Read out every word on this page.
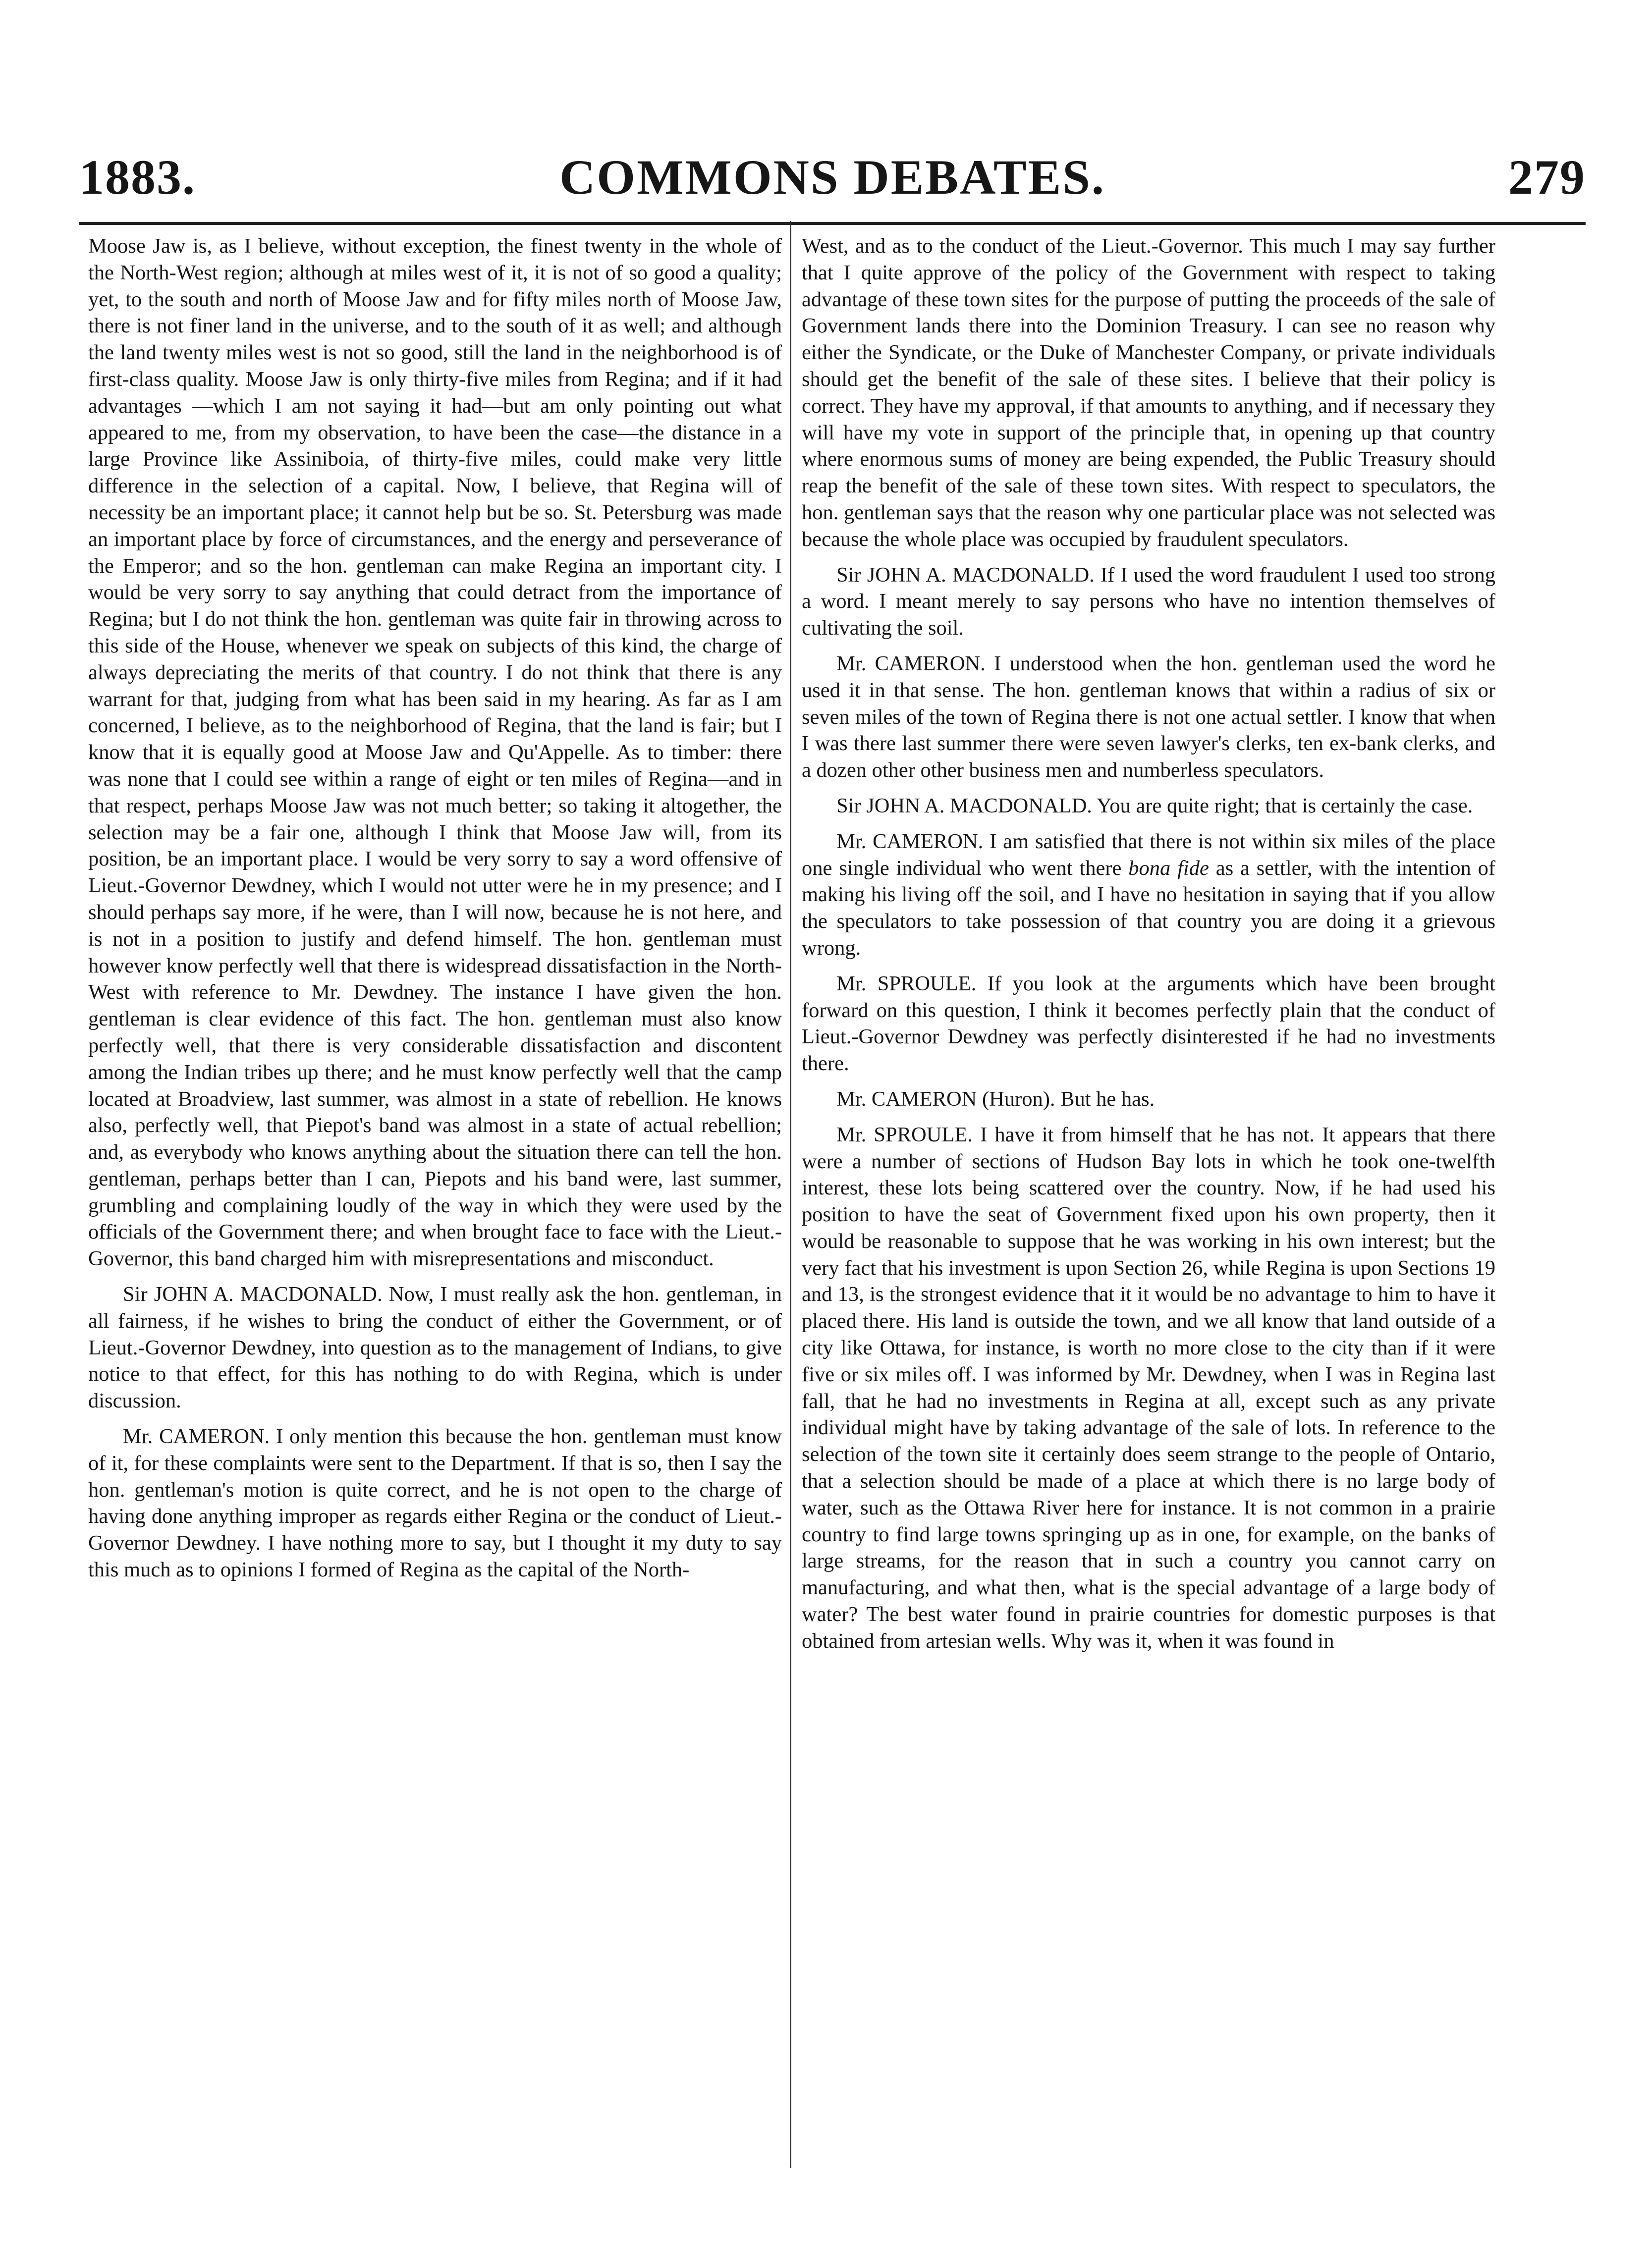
1883.	COMMONS DEBATES.	279

Moose Jaw is, as I believe, without exception, the finest twenty in the whole of the North-West region; although at miles west of it, it is not of so good a quality; yet, to the south and north of Moose Jaw and for fifty miles north of Moose Jaw, there is not finer land in the universe, and to the south of it as well; and although the land twenty miles west is not so good, still the land in the neighborhood is of first-class quality. Moose Jaw is only thirty-five miles from Regina; and if it had advantages —which I am not saying it had—but am only pointing out what appeared to me, from my observation, to have been the case—the distance in a large Province like Assiniboia, of thirty-five miles, could make very little difference in the selection of a capital. Now, I believe, that Regina will of necessity be an important place; it cannot help but be so. St. Petersburg was made an important place by force of circumstances, and the energy and perseverance of the Emperor; and so the hon. gentleman can make Regina an important city. I would be very sorry to say anything that could detract from the importance of Regina; but I do not think the hon. gentleman was quite fair in throwing across to this side of the House, whenever we speak on subjects of this kind, the charge of always depreciating the merits of that country. I do not think that there is any warrant for that, judging from what has been said in my hearing. As far as I am concerned, I believe, as to the neighborhood of Regina, that the land is fair; but I know that it is equally good at Moose Jaw and Qu'Appelle. As to timber: there was none that I could see within a range of eight or ten miles of Regina—and in that respect, perhaps Moose Jaw was not much better; so taking it altogether, the selection may be a fair one, although I think that Moose Jaw will, from its position, be an important place. I would be very sorry to say a word offensive of Lieut.-Governor Dewdney, which I would not utter were he in my presence; and I should perhaps say more, if he were, than I will now, because he is not here, and is not in a position to justify and defend himself. The hon. gentleman must however know perfectly well that there is widespread dissatisfaction in the North-West with reference to Mr. Dewdney. The instance I have given the hon. gentleman is clear evidence of this fact. The hon. gentleman must also know perfectly well, that there is very considerable dissatisfaction and discontent among the Indian tribes up there; and he must know perfectly well that the camp located at Broadview, last summer, was almost in a state of rebellion. He knows also, perfectly well, that Piepot's band was almost in a state of actual rebellion; and, as everybody who knows anything about the situation there can tell the hon. gentleman, perhaps better than I can, Piepots and his band were, last summer, grumbling and complaining loudly of the way in which they were used by the officials of the Government there; and when brought face to face with the Lieut.-Governor, this band charged him with misrepresentations and misconduct.

Sir JOHN A. MACDONALD. Now, I must really ask the hon. gentleman, in all fairness, if he wishes to bring the conduct of either the Government, or of Lieut.-Governor Dewdney, into question as to the management of Indians, to give notice to that effect, for this has nothing to do with Regina, which is under discussion.

Mr. CAMERON. I only mention this because the hon. gentleman must know of it, for these complaints were sent to the Department. If that is so, then I say the hon. gentleman's motion is quite correct, and he is not open to the charge of having done anything improper as regards either Regina or the conduct of Lieut.-Governor Dewdney. I have nothing more to say, but I thought it my duty to say this much as to opinions I formed of Regina as the capital of the North-

West, and as to the conduct of the Lieut.-Governor. This much I may say further that I quite approve of the policy of the Government with respect to taking advantage of these town sites for the purpose of putting the proceeds of the sale of Government lands there into the Dominion Treasury. I can see no reason why either the Syndicate, or the Duke of Manchester Company, or private individuals should get the benefit of the sale of these sites. I believe that their policy is correct. They have my approval, if that amounts to anything, and if necessary they will have my vote in support of the principle that, in opening up that country where enormous sums of money are being expended, the Public Treasury should reap the benefit of the sale of these town sites. With respect to speculators, the hon. gentleman says that the reason why one particular place was not selected was because the whole place was occupied by fraudulent speculators.

Sir JOHN A. MACDONALD. If I used the word fraudulent I used too strong a word. I meant merely to say persons who have no intention themselves of cultivating the soil.

Mr. CAMERON. I understood when the hon. gentleman used the word he used it in that sense. The hon. gentleman knows that within a radius of six or seven miles of the town of Regina there is not one actual settler. I know that when I was there last summer there were seven lawyer's clerks, ten ex-bank clerks, and a dozen other other business men and numberless speculators.

Sir JOHN A. MACDONALD. You are quite right; that is certainly the case.

Mr. CAMERON. I am satisfied that there is not within six miles of the place one single individual who went there bona fide as a settler, with the intention of making his living off the soil, and I have no hesitation in saying that if you allow the speculators to take possession of that country you are doing it a grievous wrong.

Mr. SPROULE. If you look at the arguments which have been brought forward on this question, I think it becomes perfectly plain that the conduct of Lieut.-Governor Dewdney was perfectly disinterested if he had no investments there.

Mr. CAMERON (Huron). But he has.

Mr. SPROULE. I have it from himself that he has not. It appears that there were a number of sections of Hudson Bay lots in which he took one-twelfth interest, these lots being scattered over the country. Now, if he had used his position to have the seat of Government fixed upon his own property, then it would be reasonable to suppose that he was working in his own interest; but the very fact that his investment is upon Section 26, while Regina is upon Sections 19 and 13, is the strongest evidence that it it would be no advantage to him to have it placed there. His land is outside the town, and we all know that land outside of a city like Ottawa, for instance, is worth no more close to the city than if it were five or six miles off. I was informed by Mr. Dewdney, when I was in Regina last fall, that he had no investments in Regina at all, except such as any private individual might have by taking advantage of the sale of lots. In reference to the selection of the town site it certainly does seem strange to the people of Ontario, that a selection should be made of a place at which there is no large body of water, such as the Ottawa River here for instance. It is not common in a prairie country to find large towns springing up as in one, for example, on the banks of large streams, for the reason that in such a country you cannot carry on manufacturing, and what then, what is the special advantage of a large body of water? The best water found in prairie countries for domestic purposes is that obtained from artesian wells. Why was it, when it was found in
